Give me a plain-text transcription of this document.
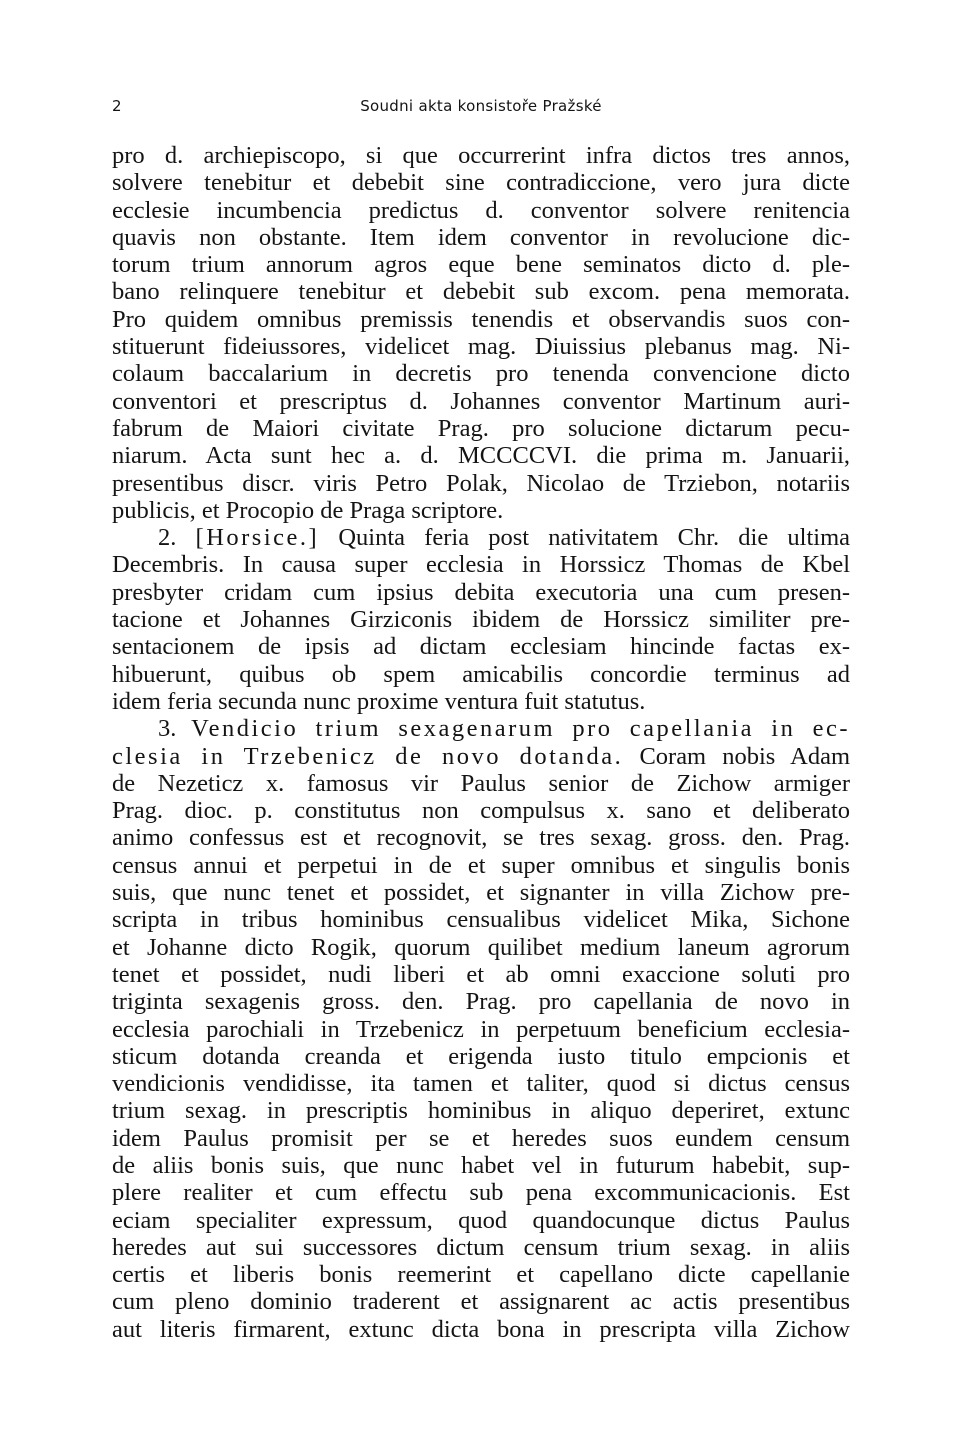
2	Soudni akta konsistoře Pražské
pro d. archiepiscopo, si que occurrerint infra dictos tres annos,
solvere tenebitur et debebit sine contradiccione, vero jura dicte
ecclesie incumbencia predictus d. conventor solvere renitencia
quavis non obstante. Item idem conventor in revolucione dic-
torum trium annorum agros eque bene seminatos dicto d. ple-
bano relinquere tenebitur et debebit sub excom. pena memorata.
Pro quidem omnibus premissis tenendis et observandis suos con-
stituerunt fideiussores, videlicet mag. Diuissius plebanus mag. Ni-
colaum baccalarium in decretis pro tenenda convencione dicto
conventori et prescriptus d. Johannes conventor Martinum auri-
fabrum de Maiori civitate Prag. pro solucione dictarum pecu-
niarum. Acta sunt hec a. d. MCCCCVI. die prima m. Januarii,
presentibus discr. viris Petro Polak, Nicolao de Trziebon, notariis
publicis, et Procopio de Praga scriptore.
2. [Horsice.] Quinta feria post nativitatem Chr. die ultima
Decembris. In causa super ecclesia in Horssicz Thomas de Kbel
presbyter cridam cum ipsius debita executoria una cum presen-
tacione et Johannes Girziconis ibidem de Horssicz similiter pre-
sentacionem de ipsis ad dictam ecclesiam hincinde factas ex-
hibuerunt, quibus ob spem amicabilis concordie terminus ad
idem feria secunda nunc proxime ventura fuit statutus.
3. Vendicio trium sexagenarum pro capellania in ec-
clesia in Trzebenicz de novo dotanda. Coram nobis Adam
de Nezeticz x. famosus vir Paulus senior de Zichow armiger
Prag. dioc. p. constitutus non compulsus x. sano et deliberato
animo confessus est et recognovit, se tres sexag. gross. den. Prag.
census annui et perpetui in de et super omnibus et singulis bonis
suis, que nunc tenet et possidet, et signanter in villa Zichow pre-
scripta in tribus hominibus censualibus videlicet Mika, Sichone
et Johanne dicto Rogik, quorum quilibet medium laneum agrorum
tenet et possidet, nudi liberi et ab omni exaccione soluti pro
triginta sexagenis gross. den. Prag. pro capellania de novo in
ecclesia parochiali in Trzebenicz in perpetuum beneficium ecclesia-
sticum dotanda creanda et erigenda iusto titulo empcionis et
vendicionis vendidisse, ita tamen et taliter, quod si dictus census
trium sexag. in prescriptis hominibus in aliquo deperiret, extunc
idem Paulus promisit per se et heredes suos eundem censum
de aliis bonis suis, que nunc habet vel in futurum habebit, sup-
plere realiter et cum effectu sub pena excommunicacionis. Est
eciam specialiter expressum, quod quandocunque dictus Paulus
heredes aut sui successores dictum censum trium sexag. in aliis
certis et liberis bonis reemerint et capellano dicte capellanie
cum pleno dominio traderent et assignarent ac actis presentibus
aut literis firmarent, extunc dicta bona in prescripta villa Zichow
